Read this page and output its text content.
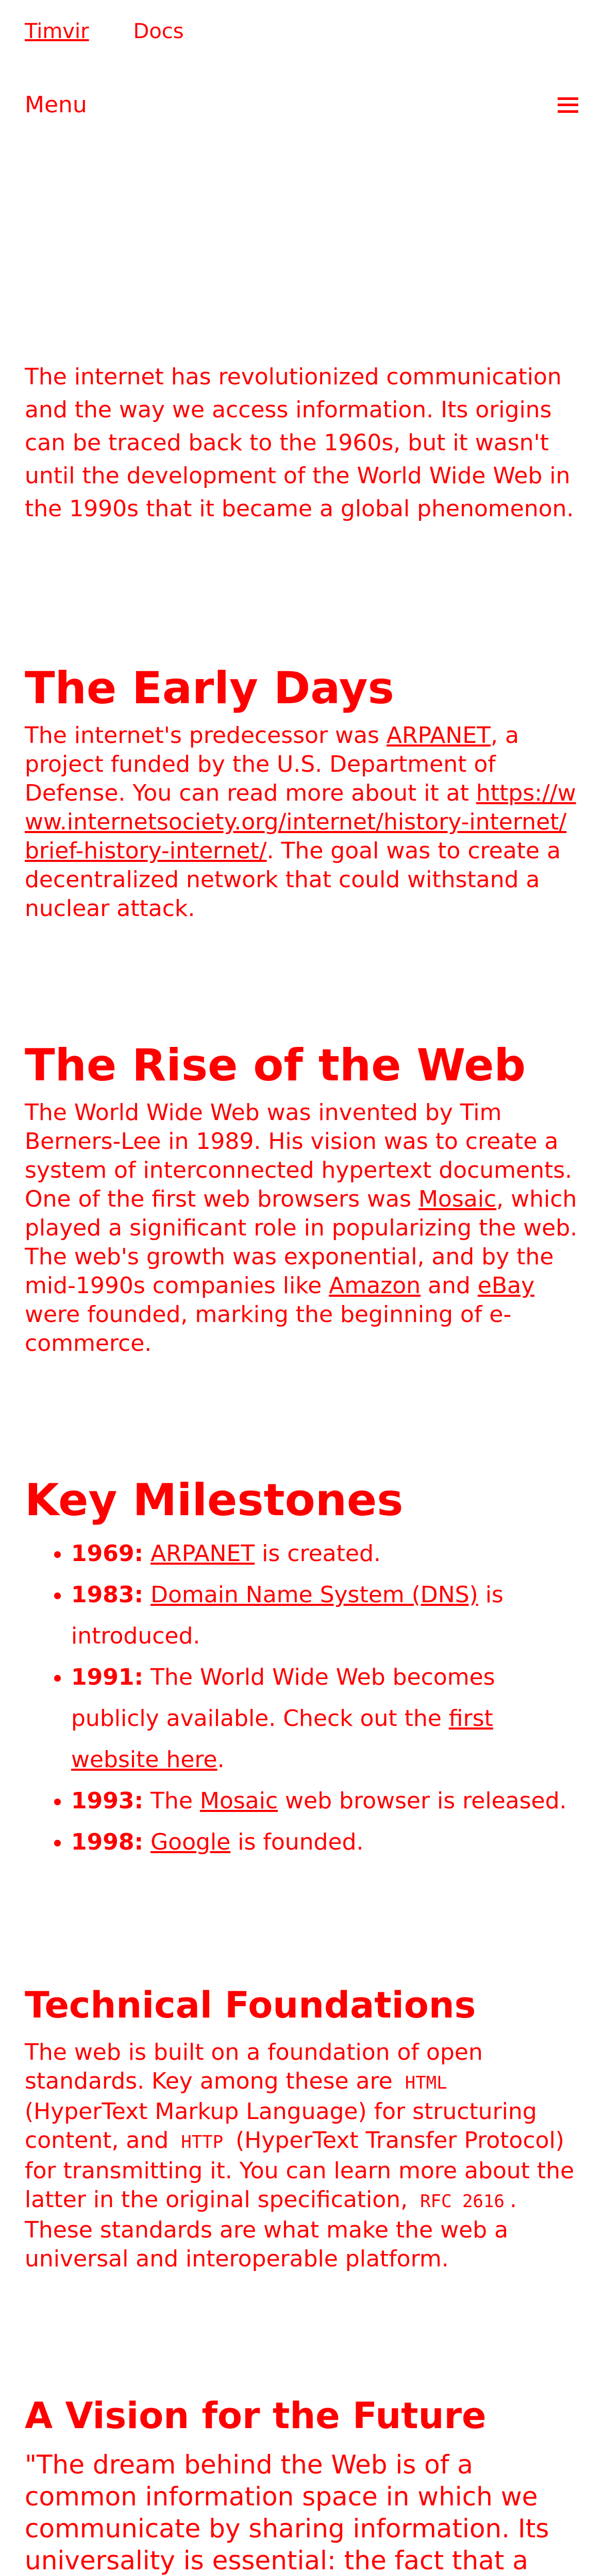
Timvir Docs
Menu
The internet has revolutionized communication and the way we access information. Its origins can be traced back to the 1960s, but it wasn't until the development of the World Wide Web in the 1990s that it became a global phenomenon.
The Early Days

The internet's predecessor was ARPANET, a project funded by the U.S. Department of Defense. You can read more about it at https://www.internetsociety.org/internet/history-internet/brief-history-internet/. The goal was to create a decentralized network that could withstand a nuclear attack.

The Rise of the Web

The World Wide Web was invented by Tim Berners-Lee in 1989. His vision was to create a system of interconnected hypertext documents. One of the first web browsers was Mosaic, which played a significant role in popularizing the web. The web's growth was exponential, and by the mid-1990s companies like Amazon and eBay were founded, marking the beginning of e-commerce.

Key Milestones
• 1969: ARPANET is created.
• 1983: Domain Name System (DNS) is introduced.
• 1991: The World Wide Web becomes publicly available. Check out the first website here.
• 1993: The Mosaic web browser is released.
• 1998: Google is founded.
Technical Foundations

The web is built on a foundation of open standards. Key among these are HTML (HyperText Markup Language) for structuring content, and HTTP (HyperText Transfer Protocol) for transmitting it. You can learn more about the latter in the original specification, RFC 2616 . These standards are what make the web a universal and interoperable platform.

A Vision for the Future
"The dream behind the Web is of a common information space in which we communicate by sharing information. Its universality is essential: the fact that a
